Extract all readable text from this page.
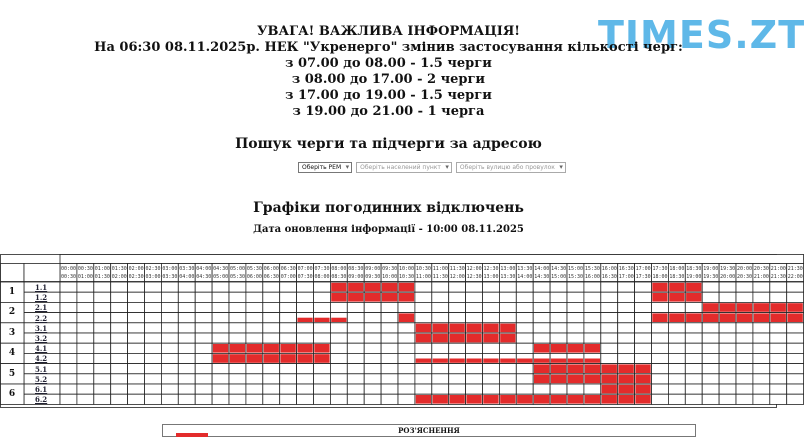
TIMES.ZT
УВАГА! ВАЖЛИВА ІНФОРМАЦІЯ!
На 06:30 08.11.2025р. НЕК "Укренерго" змінив застосування кількості черг:
з 07.00 до 08.00 - 1.5 черги
з 08.00 до 17.00 - 2 черги
з 17.00 до 19.00 - 1.5 черги
з 19.00 до 21.00 - 1 черга
Пошук черги та підчерги за адресою
Оберіть РЕМ ▾	Оберіть населений пункт ▾	Оберіть вулицю або провулок ▾
Графіки погодинних відключень
Дата оновлення інформації - 10:00 08.11.2025
00:00
00:30
00:30
01:00
01:00
01:30
01:30
02:00
02:00
02:30
02:30
03:00
03:00
03:30
03:30
04:00
04:00
04:30
04:30
05:00
05:00
05:30
05:30
06:00
06:00
06:30
06:30
07:00
07:00
07:30
07:30
08:00
08:00
08:30
08:30
09:00
09:00
09:30
09:30
10:00
10:00
10:30
10:30
11:00
11:00
11:30
11:30
12:00
12:00
12:30
12:30
13:00
13:00
13:30
13:30
14:00
14:00
14:30
14:30
15:00
15:00
15:30
15:30
16:00
16:00
16:30
16:30
17:00
17:00
17:30
17:30
18:00
18:00
18:30
18:30
19:00
19:00
19:30
19:30
20:00
20:00
20:30
20:30
21:00
21:00
21:30
21:30
22:00
1.1
1.2
2.1
2.2
3.1
3.2
4.1
4.2
5.1
5.2
6.1
6.2
1
2
3
4
5
6
РОЗ'ЯСНЕННЯ
